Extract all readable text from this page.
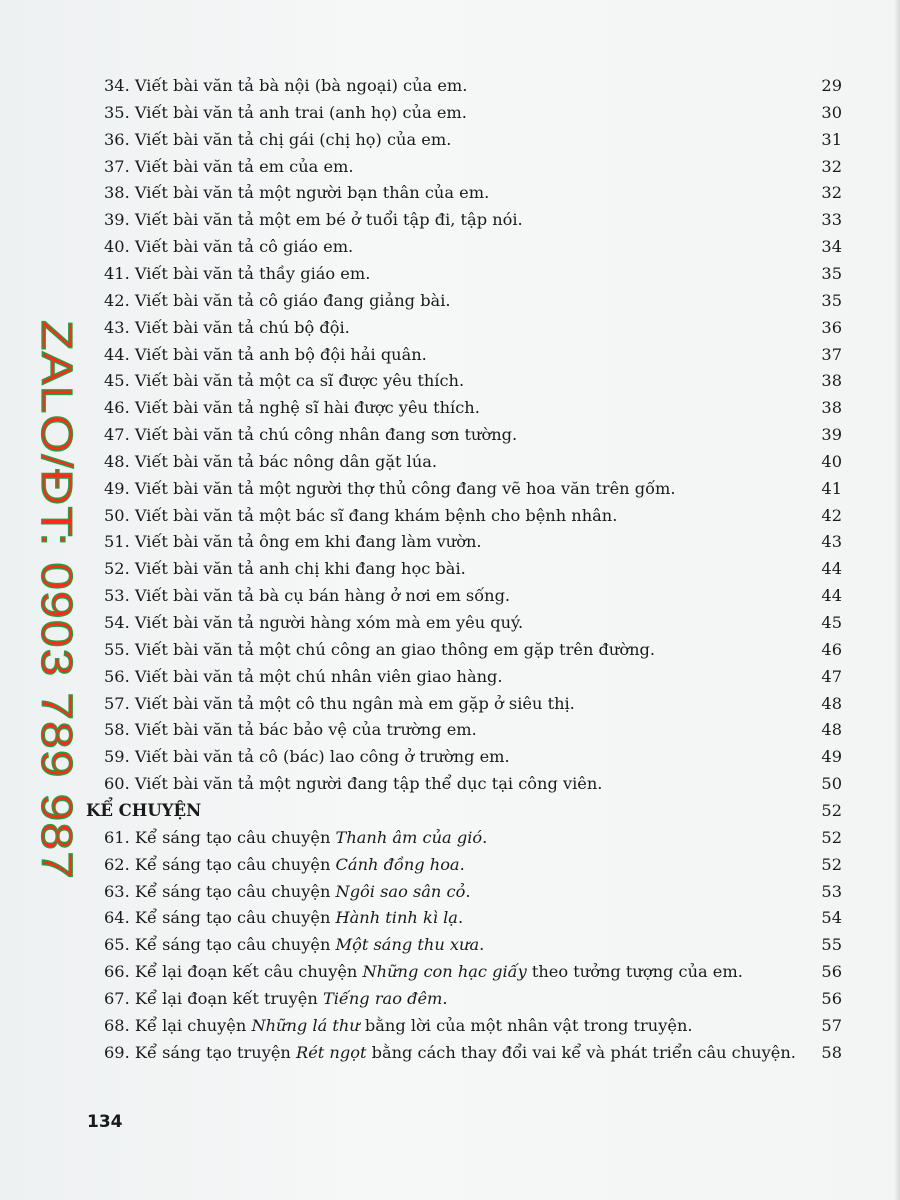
ZALO/ĐT: 0903 789 987
34. Viết bài văn tả bà nội (bà ngoại) của em.	29
35. Viết bài văn tả anh trai (anh họ) của em.	30
36. Viết bài văn tả chị gái (chị họ) của em.	31
37. Viết bài văn tả em của em.	32
38. Viết bài văn tả một người bạn thân của em.	32
39. Viết bài văn tả một em bé ở tuổi tập đi, tập nói.	33
40. Viết bài văn tả cô giáo em.	34
41. Viết bài văn tả thầy giáo em.	35
42. Viết bài văn tả cô giáo đang giảng bài.	35
43. Viết bài văn tả chú bộ đội.	36
44. Viết bài văn tả anh bộ đội hải quân.	37
45. Viết bài văn tả một ca sĩ được yêu thích.	38
46. Viết bài văn tả nghệ sĩ hài được yêu thích.	38
47. Viết bài văn tả chú công nhân đang sơn tường.	39
48. Viết bài văn tả bác nông dân gặt lúa.	40
49. Viết bài văn tả một người thợ thủ công đang vẽ hoa văn trên gốm.	41
50. Viết bài văn tả một bác sĩ đang khám bệnh cho bệnh nhân.	42
51. Viết bài văn tả ông em khi đang làm vườn.	43
52. Viết bài văn tả anh chị khi đang học bài.	44
53. Viết bài văn tả bà cụ bán hàng ở nơi em sống.	44
54. Viết bài văn tả người hàng xóm mà em yêu quý.	45
55. Viết bài văn tả một chú công an giao thông em gặp trên đường.	46
56. Viết bài văn tả một chú nhân viên giao hàng.	47
57. Viết bài văn tả một cô thu ngân mà em gặp ở siêu thị.	48
58. Viết bài văn tả bác bảo vệ của trường em.	48
59. Viết bài văn tả cô (bác) lao công ở trường em.	49
60. Viết bài văn tả một người đang tập thể dục tại công viên.	50
KỂ CHUYỆN	52
61. Kể sáng tạo câu chuyện Thanh âm của gió.	52
62. Kể sáng tạo câu chuyện Cánh đồng hoa.	52
63. Kể sáng tạo câu chuyện Ngôi sao sân cỏ.	53
64. Kể sáng tạo câu chuyện Hành tinh kì lạ.	54
65. Kể sáng tạo câu chuyện Một sáng thu xưa.	55
66. Kể lại đoạn kết câu chuyện Những con hạc giấy theo tưởng tượng của em.	56
67. Kể lại đoạn kết truyện Tiếng rao đêm.	56
68. Kể lại chuyện Những lá thư bằng lời của một nhân vật trong truyện.	57
69. Kể sáng tạo truyện Rét ngọt bằng cách thay đổi vai kể và phát triển câu chuyện. 58
134
